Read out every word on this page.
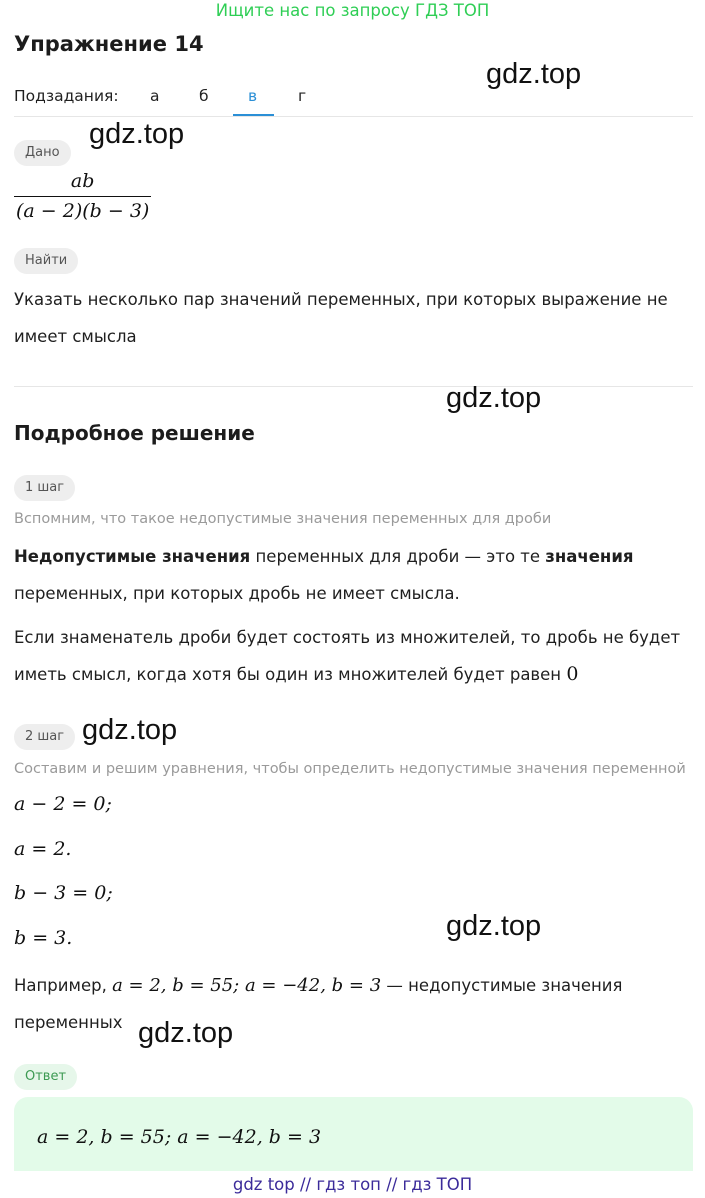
Ищите нас по запросу ГДЗ ТОП
Упражнение 14
gdz.top
Подзадания: а	б	в	г
Дано
gdz.top
ab
(a − 2)(b − 3)
Найти
Указать несколько пар значений переменных, при которых выражение не имеет смысла
gdz.top
Подробное решение
1 шаг
Вспомним, что такое недопустимые значения переменных для дроби
Недопустимые значения переменных для дроби — это те значения переменных, при которых дробь не имеет смысла.
Если знаменатель дроби будет состоять из множителей, то дробь не будет иметь смысл, когда хотя бы один из множителей будет равен 0
2 шаг gdz.top
Составим и решим уравнения, чтобы определить недопустимые значения переменной
a − 2 = 0;
a = 2.
b − 3 = 0;
b = 3.	gdz.top
Например, a = 2, b = 55; a = −42, b = 3 — недопустимые значения переменных gdz.top
Ответ
a = 2, b = 55; a = −42, b = 3
gdz top // гдз топ // гдз ТОП
